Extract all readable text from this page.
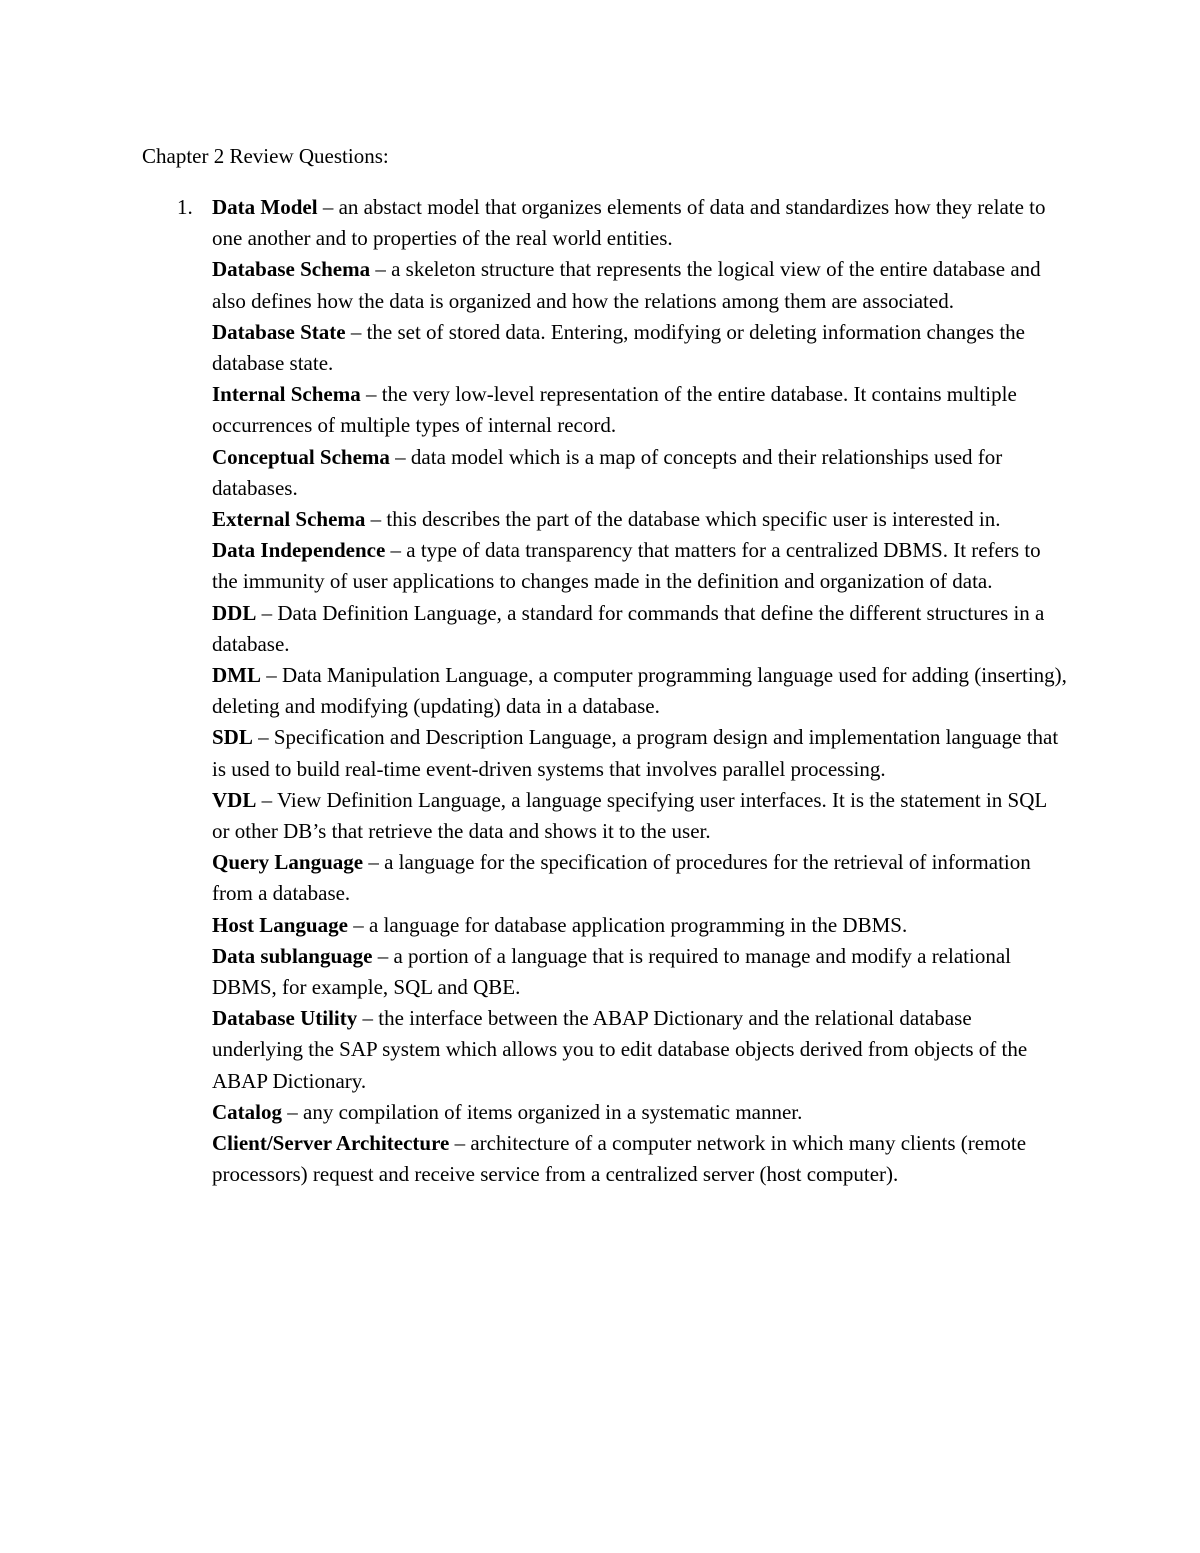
Chapter 2 Review Questions:
1. Data Model – an abstact model that organizes elements of data and standardizes how they relate to one another and to properties of the real world entities.
Database Schema – a skeleton structure that represents the logical view of the entire database and also defines how the data is organized and how the relations among them are associated.
Database State – the set of stored data. Entering, modifying or deleting information changes the database state.
Internal Schema – the very low-level representation of the entire database. It contains multiple occurrences of multiple types of internal record.
Conceptual Schema – data model which is a map of concepts and their relationships used for databases.
External Schema – this describes the part of the database which specific user is interested in.
Data Independence – a type of data transparency that matters for a centralized DBMS. It refers to the immunity of user applications to changes made in the definition and organization of data.
DDL – Data Definition Language, a standard for commands that define the different structures in a database.
DML – Data Manipulation Language, a computer programming language used for adding (inserting), deleting and modifying (updating) data in a database.
SDL – Specification and Description Language, a program design and implementation language that is used to build real-time event-driven systems that involves parallel processing.
VDL – View Definition Language, a language specifying user interfaces. It is the statement in SQL or other DB’s that retrieve the data and shows it to the user.
Query Language – a language for the specification of procedures for the retrieval of information from a database.
Host Language – a language for database application programming in the DBMS.
Data sublanguage – a portion of a language that is required to manage and modify a relational DBMS, for example, SQL and QBE.
Database Utility – the interface between the ABAP Dictionary and the relational database underlying the SAP system which allows you to edit database objects derived from objects of the ABAP Dictionary.
Catalog – any compilation of items organized in a systematic manner.
Client/Server Architecture – architecture of a computer network in which many clients (remote processors) request and receive service from a centralized server (host computer).
